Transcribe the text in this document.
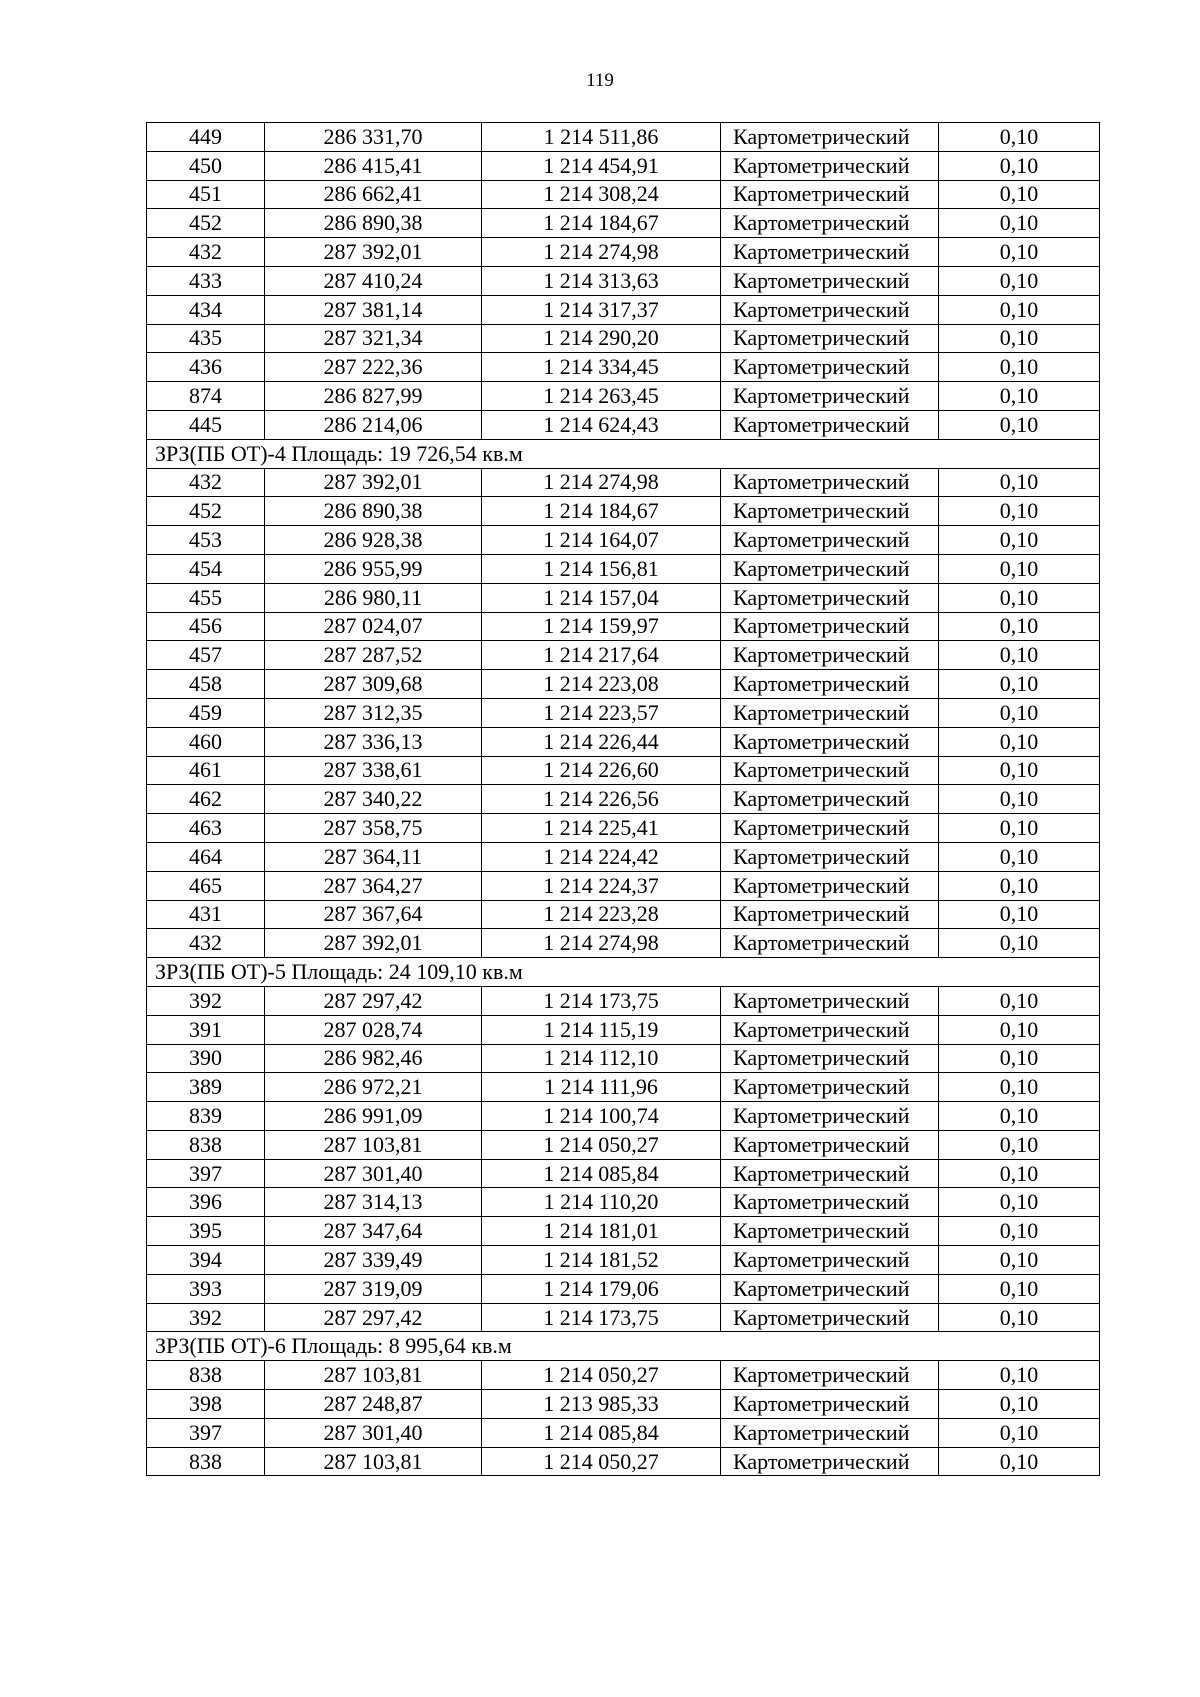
119
449	286 331,70	1 214 511,86	Картометрический	0,10
450	286 415,41	1 214 454,91	Картометрический	0,10
451	286 662,41	1 214 308,24	Картометрический	0,10
452	286 890,38	1 214 184,67	Картометрический	0,10
432	287 392,01	1 214 274,98	Картометрический	0,10
433	287 410,24	1 214 313,63	Картометрический	0,10
434	287 381,14	1 214 317,37	Картометрический	0,10
435	287 321,34	1 214 290,20	Картометрический	0,10
436	287 222,36	1 214 334,45	Картометрический	0,10
874	286 827,99	1 214 263,45	Картометрический	0,10
445	286 214,06	1 214 624,43	Картометрический	0,10
ЗРЗ(ПБ ОТ)-4 Площадь: 19 726,54 кв.м				
432	287 392,01	1 214 274,98	Картометрический	0,10
452	286 890,38	1 214 184,67	Картометрический	0,10
453	286 928,38	1 214 164,07	Картометрический	0,10
454	286 955,99	1 214 156,81	Картометрический	0,10
455	286 980,11	1 214 157,04	Картометрический	0,10
456	287 024,07	1 214 159,97	Картометрический	0,10
457	287 287,52	1 214 217,64	Картометрический	0,10
458	287 309,68	1 214 223,08	Картометрический	0,10
459	287 312,35	1 214 223,57	Картометрический	0,10
460	287 336,13	1 214 226,44	Картометрический	0,10
461	287 338,61	1 214 226,60	Картометрический	0,10
462	287 340,22	1 214 226,56	Картометрический	0,10
463	287 358,75	1 214 225,41	Картометрический	0,10
464	287 364,11	1 214 224,42	Картометрический	0,10
465	287 364,27	1 214 224,37	Картометрический	0,10
431	287 367,64	1 214 223,28	Картометрический	0,10
432	287 392,01	1 214 274,98	Картометрический	0,10
ЗРЗ(ПБ ОТ)-5 Площадь: 24 109,10 кв.м				
392	287 297,42	1 214 173,75	Картометрический	0,10
391	287 028,74	1 214 115,19	Картометрический	0,10
390	286 982,46	1 214 112,10	Картометрический	0,10
389	286 972,21	1 214 111,96	Картометрический	0,10
839	286 991,09	1 214 100,74	Картометрический	0,10
838	287 103,81	1 214 050,27	Картометрический	0,10
397	287 301,40	1 214 085,84	Картометрический	0,10
396	287 314,13	1 214 110,20	Картометрический	0,10
395	287 347,64	1 214 181,01	Картометрический	0,10
394	287 339,49	1 214 181,52	Картометрический	0,10
393	287 319,09	1 214 179,06	Картометрический	0,10
392	287 297,42	1 214 173,75	Картометрический	0,10
ЗРЗ(ПБ ОТ)-6 Площадь: 8 995,64 кв.м				
838	287 103,81	1 214 050,27	Картометрический	0,10
398	287 248,87	1 213 985,33	Картометрический	0,10
397	287 301,40	1 214 085,84	Картометрический	0,10
838	287 103,81	1 214 050,27	Картометрический	0,10
